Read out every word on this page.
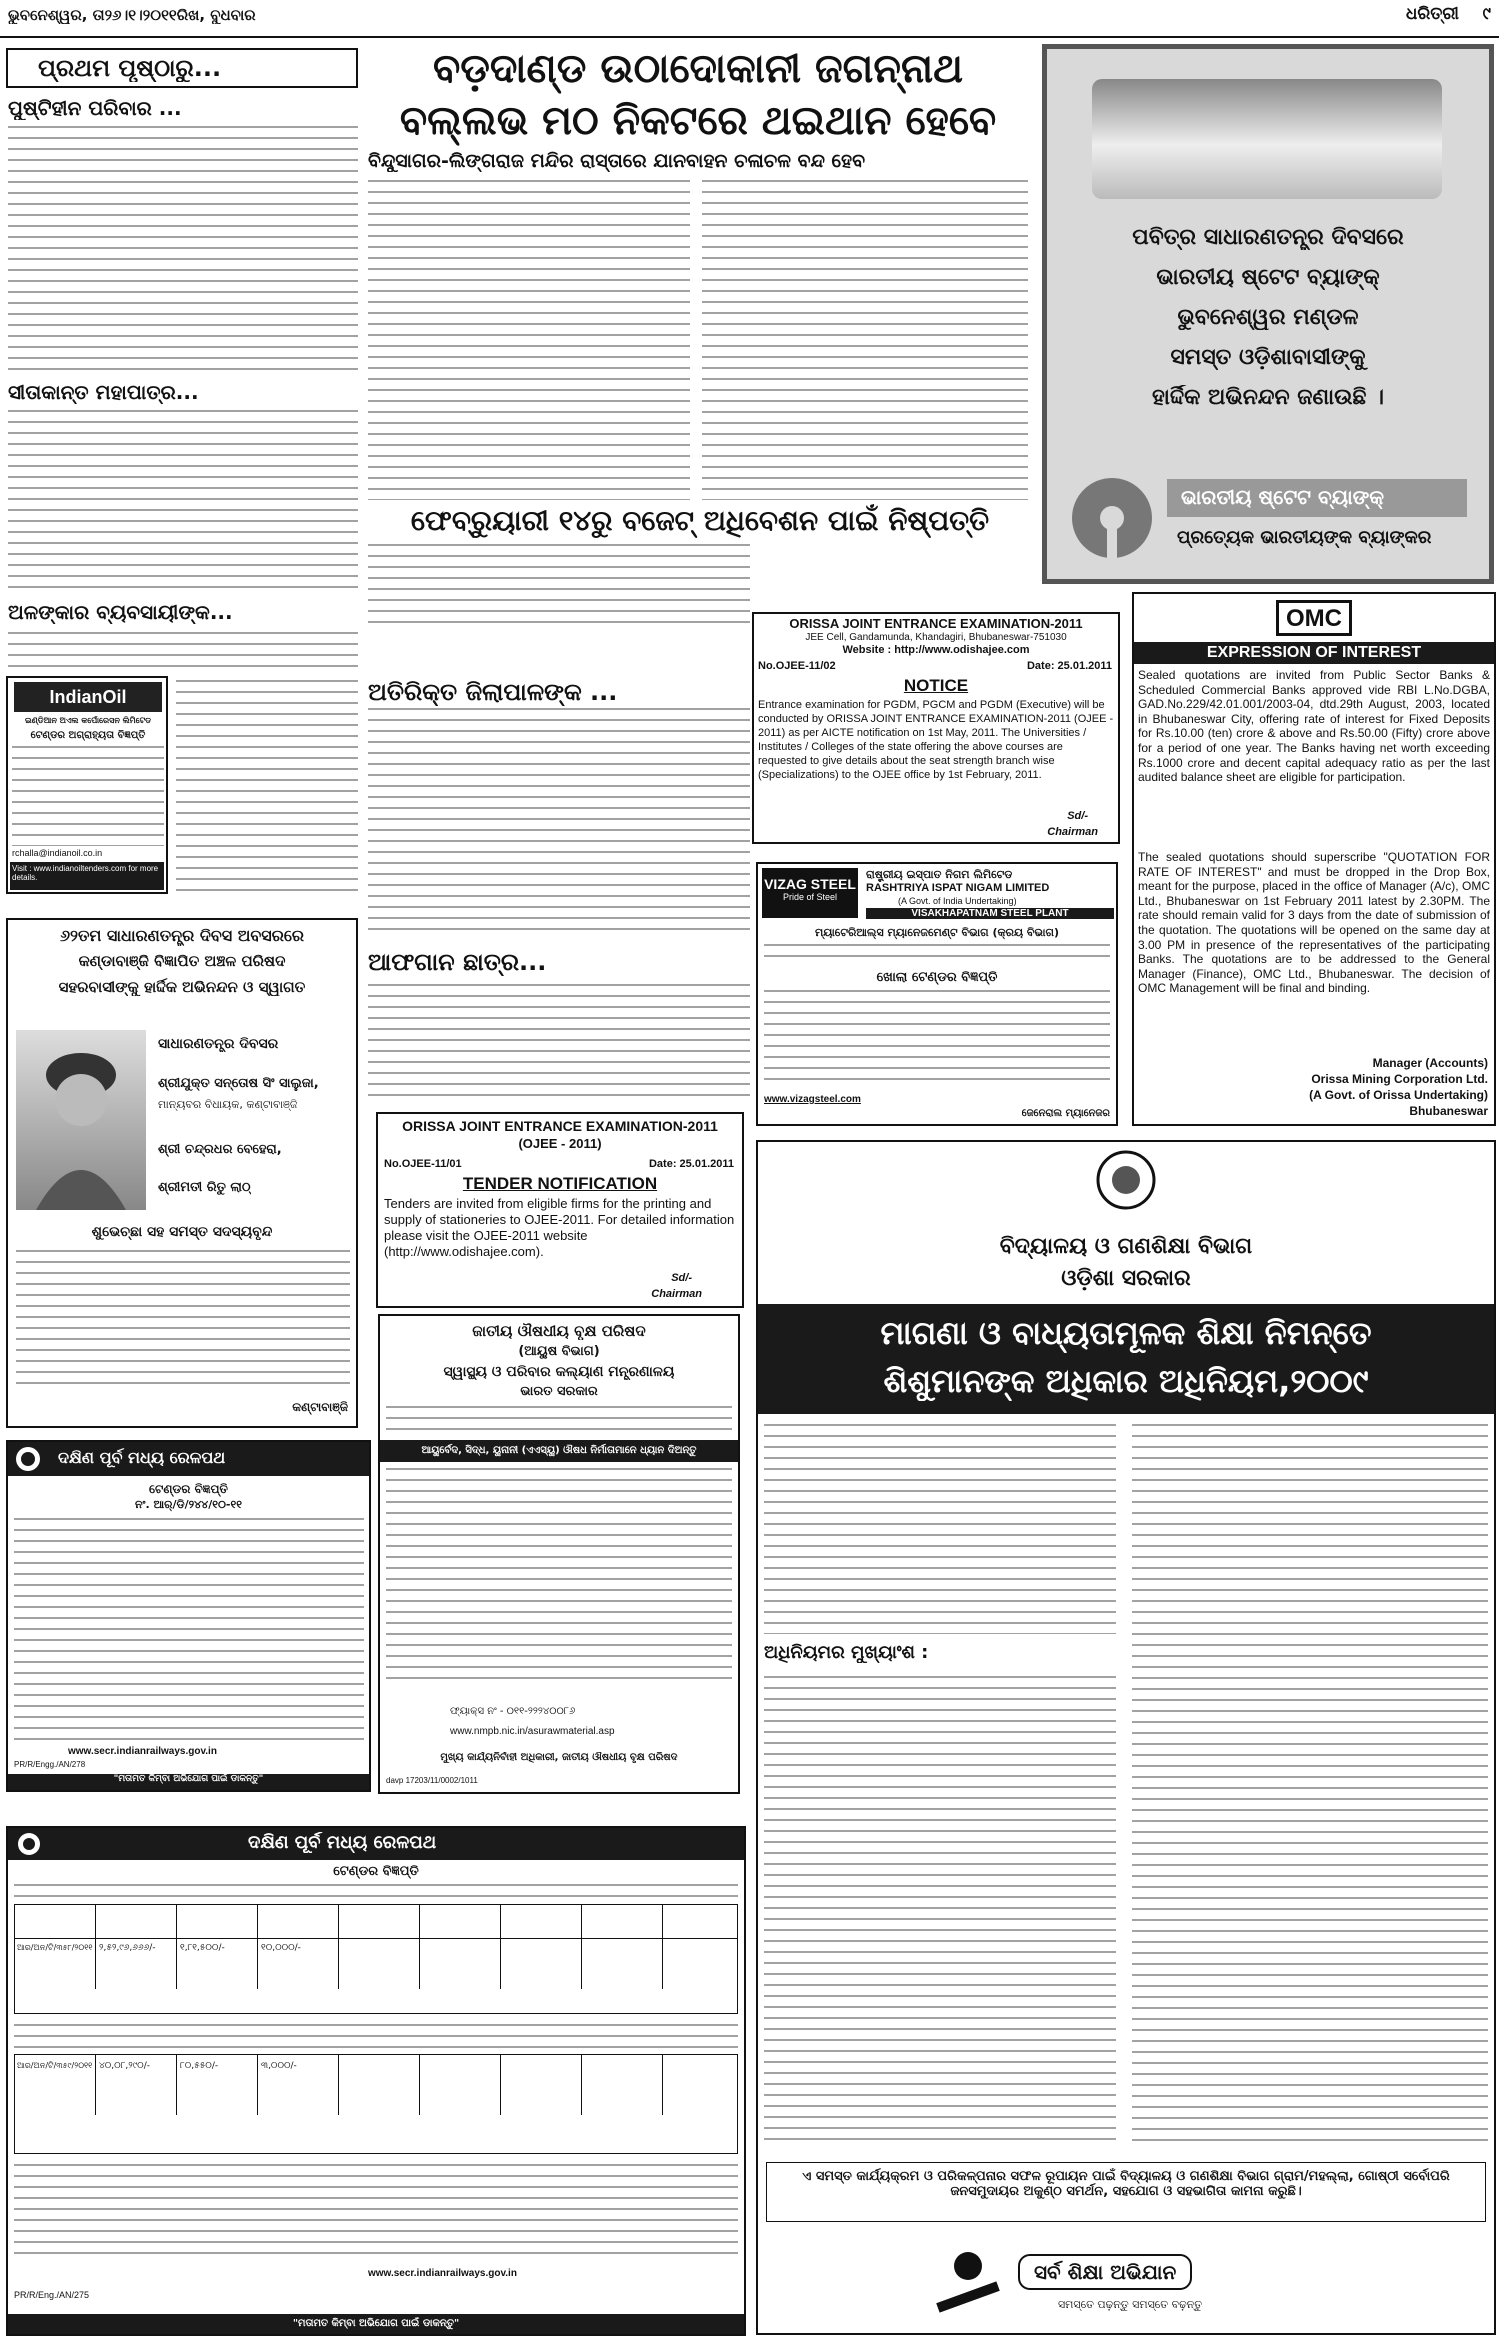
ଭୁବନେଶ୍ୱର, ତା୨୬।୧।୨୦୧୧ରିଖ, ବୁଧବାର	ଧରିତ୍ରୀ ୯
ପ୍ରଥମ ପୃଷ୍ଠାରୁ...
ପୁଷ୍ଟିହୀନ ପରିବାର ...
ସୀତାକାନ୍ତ ମହାପାତ୍ର...
ଅଳଙ୍କାର ବ୍ୟବସାୟୀଙ୍କ...
IndianOil
ଇଣ୍ଡିଆନ ଅଏଲ କର୍ପୋରେସନ ଲିମିଟେଡ
ଟେଣ୍ଡର ଅଗ୍ରାହ୍ୟତା ବିଜ୍ଞପ୍ତି
rchalla@indianoil.co.in
Visit : www.indianoiltenders.com for more details.
୬୨ତମ ସାଧାରଣତନ୍ତ୍ର ଦିବସ ଅବସରରେ
କଣ୍ଡାବାଞ୍ଜି ବିଜ୍ଞାପିତ ଅଞ୍ଚଳ ପରିଷଦ
ସହରବାସୀଙ୍କୁ ହାର୍ଦ୍ଦିକ ଅଭିନନ୍ଦନ ଓ ସ୍ୱାଗତ
ସାଧାରଣତନ୍ତ୍ର ଦିବସର
ଶ୍ରୀଯୁକ୍ତ ସନ୍ତୋଷ ସିଂ ସାଲୁଜା,
ମାନ୍ୟବର ବିଧାୟକ, କଣ୍ଟାବାଞ୍ଜି
ଶ୍ରୀ ଚନ୍ଦ୍ରଧର ବେହେରା,
ଶ୍ରୀମତୀ ରିତୁ ଲାଠ୍
ଶୁଭେଚ୍ଛା ସହ ସମସ୍ତ ସଦସ୍ୟବୃନ୍ଦ
କଣ୍ଟାବାଞ୍ଜି
ଦକ୍ଷିଣ ପୂର୍ବ ମଧ୍ୟ ରେଳପଥ
ଟେଣ୍ଡର ବିଜ୍ଞପ୍ତି
ନଂ. ଆର୍/ଡି/୨୪୪/୧୦-୧୧
www.secr.indianrailways.gov.in
PR/R/Engg./AN/278
"ମତାମତ କିମ୍ବା ଅଭିଯୋଗ ପାଇଁ ଡାକନ୍ତୁ"
ବଡ଼ଦାଣ୍ଡ ଉଠାଦୋକାନୀ ଜଗନ୍ନାଥ
ବଲ୍ଲଭ ମଠ ନିକଟରେ ଥଇଥାନ ହେବେ
ବିନ୍ଦୁସାଗର-ଲିଙ୍ଗରାଜ ମନ୍ଦିର ରାସ୍ତାରେ ଯାନବାହନ ଚଳାଚଳ ବନ୍ଦ ହେବ
ଫେବ୍ରୁୟାରୀ ୧୪ରୁ ବଜେଟ୍ ଅଧିବେଶନ ପାଇଁ ନିଷ୍ପତ୍ତି
ଅତିରିକ୍ତ ଜିଲାପାଳଙ୍କ ...
ଆଫଗାନ ଛାତ୍ର...
ORISSA JOINT ENTRANCE EXAMINATION-2011
(OJEE - 2011)
No.OJEE-11/01	Date: 25.01.2011
TENDER NOTIFICATION
Tenders are invited from eligible firms for the printing and supply of stationeries to OJEE-2011. For detailed information please visit the OJEE-2011 website (http://www.odishajee.com).
Sd/-
Chairman
ଜାତୀୟ ଔଷଧୀୟ ବୃକ୍ଷ ପରିଷଦ
(ଆୟୁଷ ବିଭାଗ)
ସ୍ୱାସ୍ଥ୍ୟ ଓ ପରିବାର କଲ୍ୟାଣ ମନ୍ତ୍ରଣାଳୟ
ଭାରତ ସରକାର
ଆୟୁର୍ବେଦ, ସିଦ୍ଧ, ୟୁନାନୀ (ଏଏସ୍‌ୟୁ) ଔଷଧ ନିର୍ମାତାମାନେ ଧ୍ୟାନ ଦିଅନ୍ତୁ
ଫ୍ୟାକ୍ସ ନଂ - ୦୧୧-୨୨୨୪୦୦୮୬
www.nmpb.nic.in/asurawmaterial.asp
ମୁଖ୍ୟ କାର୍ଯ୍ୟନିର୍ବାହୀ ଅଧିକାରୀ, ଜାତୀୟ ଔଷଧୀୟ ବୃକ୍ଷ ପରିଷଦ
davp 17203/11/0002/1011
ପବିତ୍ର ସାଧାରଣତନ୍ତ୍ର ଦିବସରେ
ଭାରତୀୟ ଷ୍ଟେଟ ବ୍ୟାଙ୍କ୍
ଭୁବନେଶ୍ୱର ମଣ୍ଡଳ
ସମସ୍ତ ଓଡ଼ିଶାବାସୀଙ୍କୁ
ହାର୍ଦ୍ଦିକ ଅଭିନନ୍ଦନ ଜଣାଉଛି ।
ଭାରତୀୟ ଷ୍ଟେଟ ବ୍ୟାଙ୍କ୍
ପ୍ରତ୍ୟେକ ଭାରତୀୟଙ୍କ ବ୍ୟାଙ୍କର
ORISSA JOINT ENTRANCE EXAMINATION-2011
JEE Cell, Gandamunda, Khandagiri, Bhubaneswar-751030
Website : http://www.odishajee.com
No.OJEE-11/02	Date: 25.01.2011
NOTICE
Entrance examination for PGDM, PGCM and PGDM (Executive) will be conducted by ORISSA JOINT ENTRANCE EXAMINATION-2011 (OJEE - 2011) as per AICTE notification on 1st May, 2011. The Universities / Institutes / Colleges of the state offering the above courses are requested to give details about the seat strength branch wise (Specializations) to the OJEE office by 1st February, 2011.
Sd/-
Chairman
VIZAG STEEL
Pride of Steel
ରାଷ୍ଟ୍ରୀୟ ଇସ୍ପାତ ନିଗମ ଲିମିଟେଡ
RASHTRIYA ISPAT NIGAM LIMITED
(A Govt. of India Undertaking)
VISAKHAPATNAM STEEL PLANT
ମ୍ୟାଟେରିଆଲ୍ସ ମ୍ୟାନେଜମେଣ୍ଟ ବିଭାଗ (କ୍ରୟ ବିଭାଗ)
ଖୋଲା ଟେଣ୍ଡର ବିଜ୍ଞପ୍ତି
www.vizagsteel.com
ଜେନେରାଲ ମ୍ୟାନେଜର
OMC
EXPRESSION OF INTEREST
Sealed quotations are invited from Public Sector Banks & Scheduled Commercial Banks approved vide RBI L.No.DGBA, GAD.No.229/42.01.001/2003-04, dtd.29th August, 2003, located in Bhubaneswar City, offering rate of interest for Fixed Deposits for Rs.10.00 (ten) crore & above and Rs.50.00 (Fifty) crore above for a period of one year. The Banks having net worth exceeding Rs.1000 crore and decent capital adequacy ratio as per the last audited balance sheet are eligible for participation.
The sealed quotations should superscribe "QUOTATION FOR RATE OF INTEREST" and must be dropped in the Drop Box, meant for the purpose, placed in the office of Manager (A/c), OMC Ltd., Bhubaneswar on 1st February 2011 latest by 2.30PM. The rate should remain valid for 3 days from the date of submission of the quotation. The quotations will be opened on the same day at 3.00 PM in presence of the representatives of the participating Banks. The quotations are to be addressed to the General Manager (Finance), OMC Ltd., Bhubaneswar. The decision of OMC Management will be final and binding.
Manager (Accounts)
Orissa Mining Corporation Ltd.
(A Govt. of Orissa Undertaking)
Bhubaneswar
ବିଦ୍ୟାଳୟ ଓ ଗଣଶିକ୍ଷା ବିଭାଗ
ଓଡ଼ିଶା ସରକାର
ମାଗଣା ଓ ବାଧ୍ୟତାମୂଳକ ଶିକ୍ଷା ନିମନ୍ତେ
ଶିଶୁମାନଙ୍କ ଅଧିକାର ଅଧିନିୟମ,୨୦୦୯
ଅଧିନିୟମର ମୁଖ୍ୟାଂଶ :
ଏ ସମସ୍ତ କାର୍ଯ୍ୟକ୍ରମ ଓ ପରିକଳ୍ପନାର ସଫଳ ରୂପାୟନ ପାଇଁ ବିଦ୍ୟାଳୟ ଓ ଗଣଶିକ୍ଷା ବିଭାଗ ଗ୍ରାମ/ମହଲ୍ଲା, ଗୋଷ୍ଠୀ ସର୍ବୋପରି ଜନସମୁଦାୟର ଅକୁଣ୍ଠ ସମର୍ଥନ, ସହଯୋଗ ଓ ସହଭାଗିତା କାମନା କରୁଛି।
ସର୍ବ ଶିକ୍ଷା ଅଭିଯାନ
ସମସ୍ତେ ପଢ଼ନ୍ତୁ ସମସ୍ତେ ବଢ଼ନ୍ତୁ
ଦକ୍ଷିଣ ପୂର୍ବ ମଧ୍ୟ ରେଳପଥ
ଟେଣ୍ଡର ବିଜ୍ଞପ୍ତି
ଆର/ଅନ/ଟି/୩୫୮/୨୦୧୧ ୨,୫୨,୯୬,୬୬୬/-	୧,୮୧,୫୦୦/-	୧୦,୦୦୦/-
ଆର/ଅନ/ଟି/୩୫୯/୨୦୧୧ ୪୦,୦୮,୨୯୦/-	୮୦,୫୫୦/-	୩,୦୦୦/-
www.secr.indianrailways.gov.in
PR/R/Eng./AN/275
"ମତାମତ କିମ୍ବା ଅଭିଯୋଗ ପାଇଁ ଡାକନ୍ତୁ"
